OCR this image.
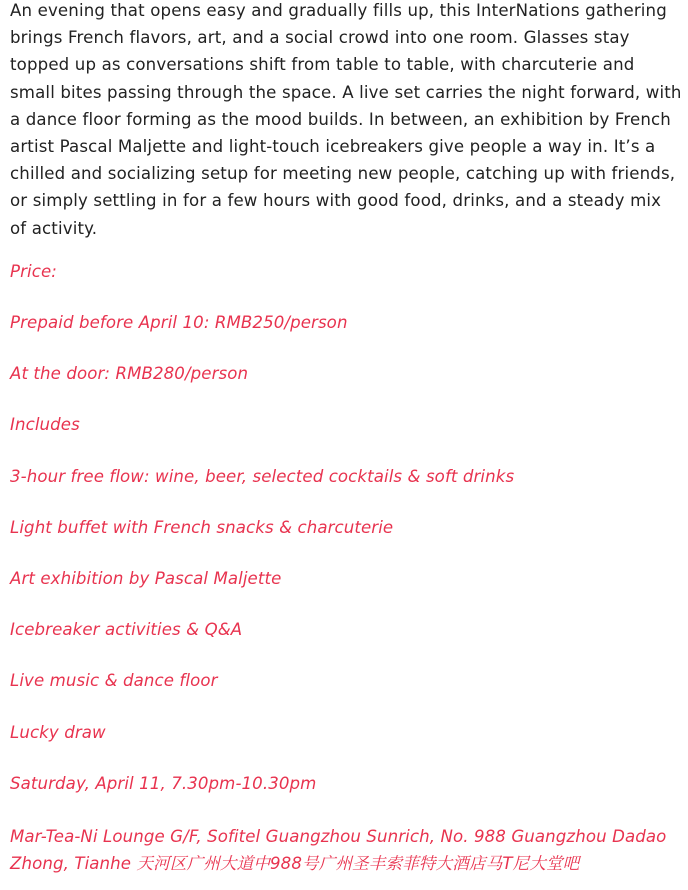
An evening that opens easy and gradually fills up, this InterNations gathering brings French flavors, art, and a social crowd into one room. Glasses stay topped up as conversations shift from table to table, with charcuterie and small bites passing through the space. A live set carries the night forward, with a dance floor forming as the mood builds. In between, an exhibition by French artist Pascal Maljette and light-touch icebreakers give people a way in. It’s a chilled and socializing setup for meeting new people, catching up with friends, or simply settling in for a few hours with good food, drinks, and a steady mix of activity.

Price:

Prepaid before April 10: RMB250/person

At the door: RMB280/person

Includes

3-hour free flow: wine, beer, selected cocktails & soft drinks

Light buffet with French snacks & charcuterie

Art exhibition by Pascal Maljette

Icebreaker activities & Q&A

Live music & dance floor

Lucky draw

Saturday, April 11, 7.30pm-10.30pm

Mar-Tea-Ni Lounge G/F, Sofitel Guangzhou Sunrich, No. 988 Guangzhou Dadao Zhong, Tianhe 天河区广州大道中988号广州圣丰索菲特大酒店马T尼大堂吧
